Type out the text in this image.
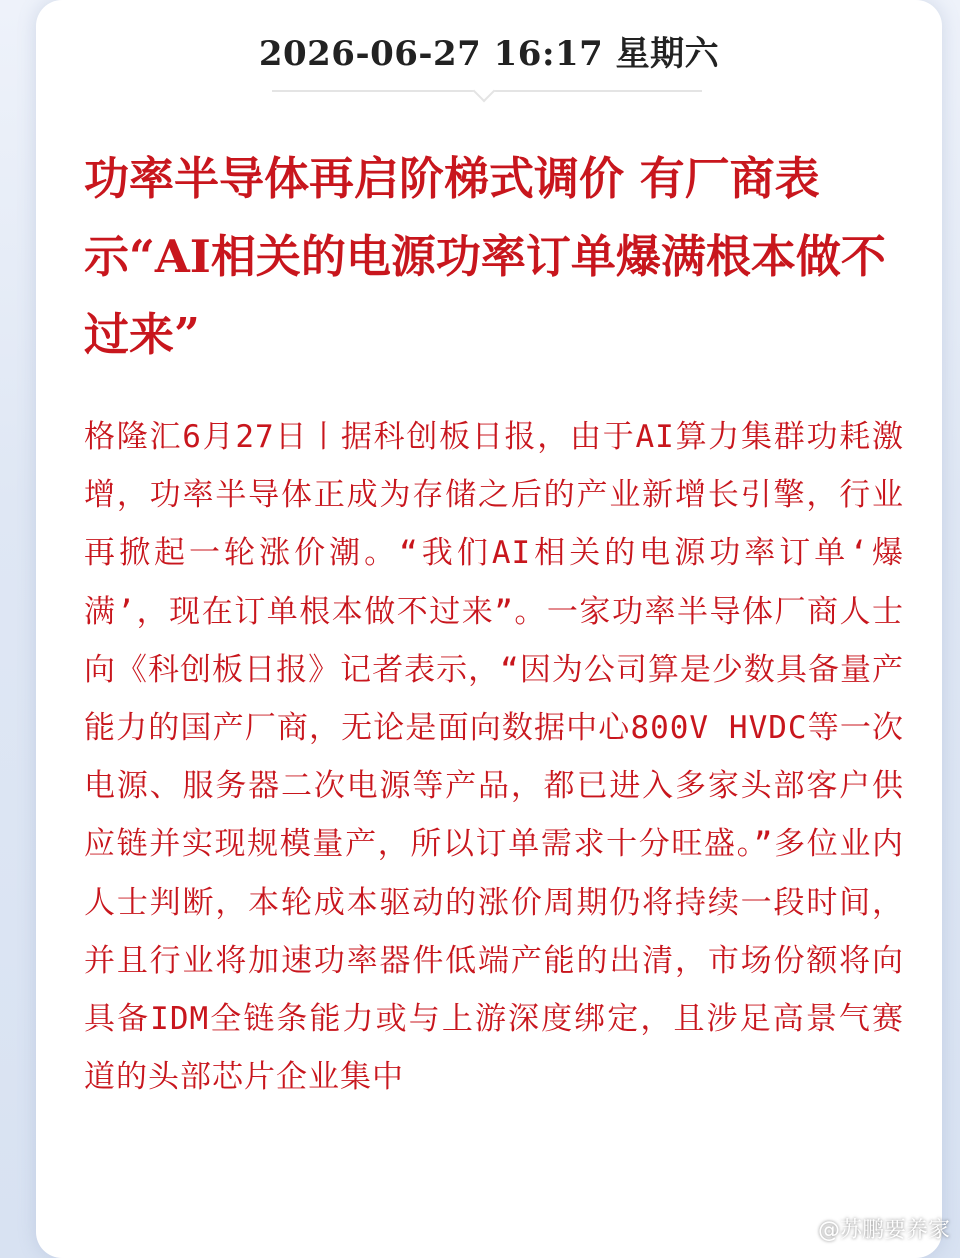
2026-06-27 16:17 星期六
功率半导体再启阶梯式调价 有厂商表示“AI相关的电源功率订单爆满根本做不过来”

格隆汇6月27日丨据科创板日报，由于AI算力集群功耗激增，功率半导体正成为存储之后的产业新增长引擎，行业再掀起一轮涨价潮。“我们AI相关的电源功率订单‘爆满’，现在订单根本做不过来”。一家功率半导体厂商人士向《科创板日报》记者表示，“因为公司算是少数具备量产能力的国产厂商，无论是面向数据中心800V HVDC等一次电源、服务器二次电源等产品，都已进入多家头部客户供应链并实现规模量产，所以订单需求十分旺盛。”多位业内人士判断，本轮成本驱动的涨价周期仍将持续一段时间，并且行业将加速功率器件低端产能的出清，市场份额将向具备IDM全链条能力或与上游深度绑定，且涉足高景气赛道的头部芯片企业集中

@苏鹏要养家
